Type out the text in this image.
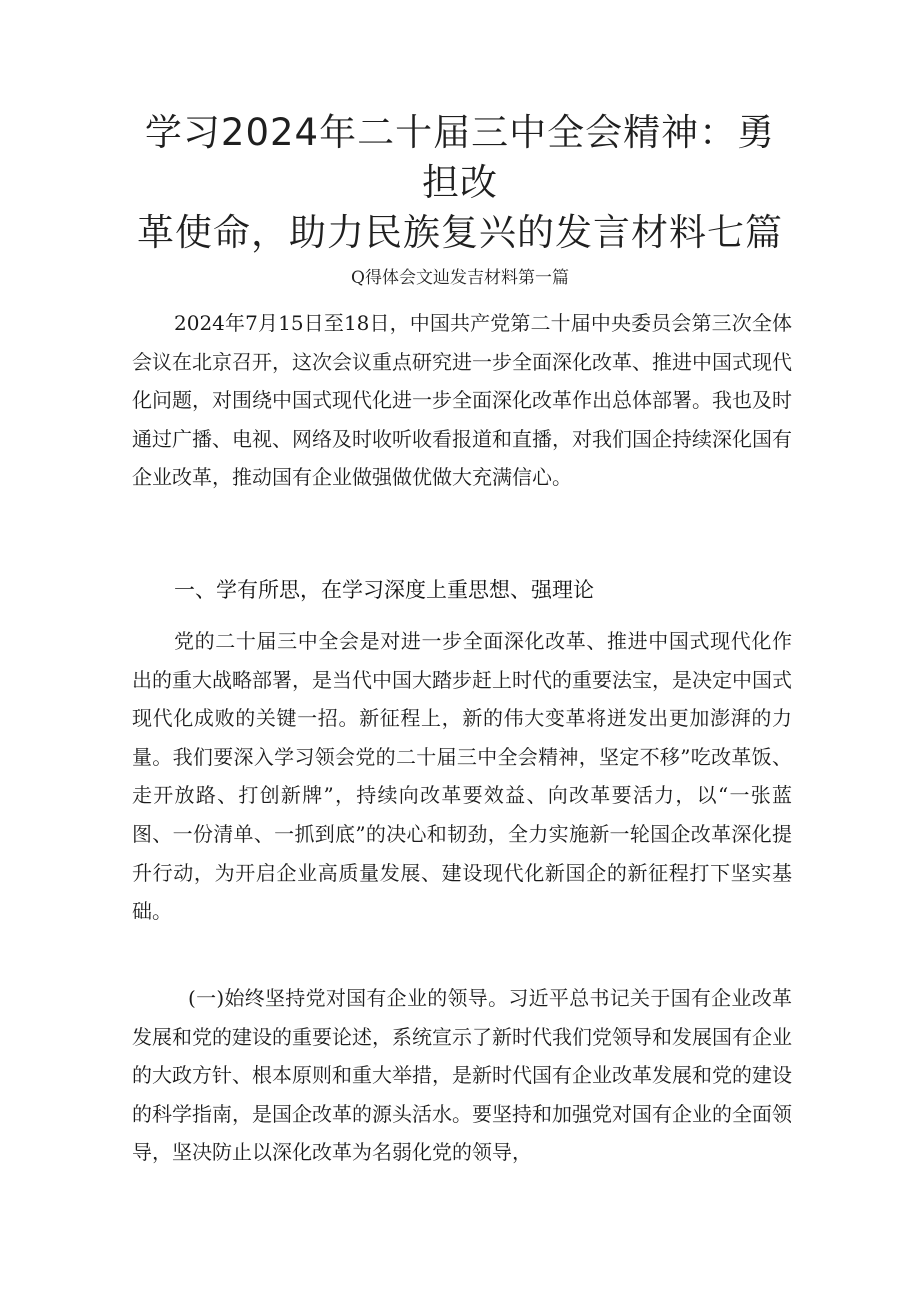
学习2024年二十届三中全会精神：勇担改
革使命，助力民族复兴的发言材料七篇
Q得体会文辿发吉材料第一篇

2024年7月15日至18日，中国共产党第二十届中央委员会第三次全体会议在北京召开，这次会议重点研究进一步全面深化改革、推进中国式现代化问题，对围绕中国式现代化进一步全面深化改革作出总体部署。我也及时通过广播、电视、网络及时收听收看报道和直播，对我们国企持续深化国有企业改革，推动国有企业做强做优做大充满信心。

一、学有所思，在学习深度上重思想、强理论

党的二十届三中全会是对进一步全面深化改革、推进中国式现代化作出的重大战略部署，是当代中国大踏步赶上时代的重要法宝，是决定中国式现代化成败的关键一招。新征程上，新的伟大变革将迸发出更加澎湃的力量。我们要深入学习领会党的二十届三中全会精神，坚定不移”吃改革饭、走开放路、打创新牌”，持续向改革要效益、向改革要活力，以“一张蓝图、一份清单、一抓到底”的决心和韧劲，全力实施新一轮国企改革深化提升行动，为开启企业高质量发展、建设现代化新国企的新征程打下坚实基础。

(一)始终坚持党对国有企业的领导。习近平总书记关于国有企业改革发展和党的建设的重要论述，系统宣示了新时代我们党领导和发展国有企业的大政方针、根本原则和重大举措，是新时代国有企业改革发展和党的建设的科学指南，是国企改革的源头活水。要坚持和加强党对国有企业的全面领导，坚决防止以深化改革为名弱化党的领导，
